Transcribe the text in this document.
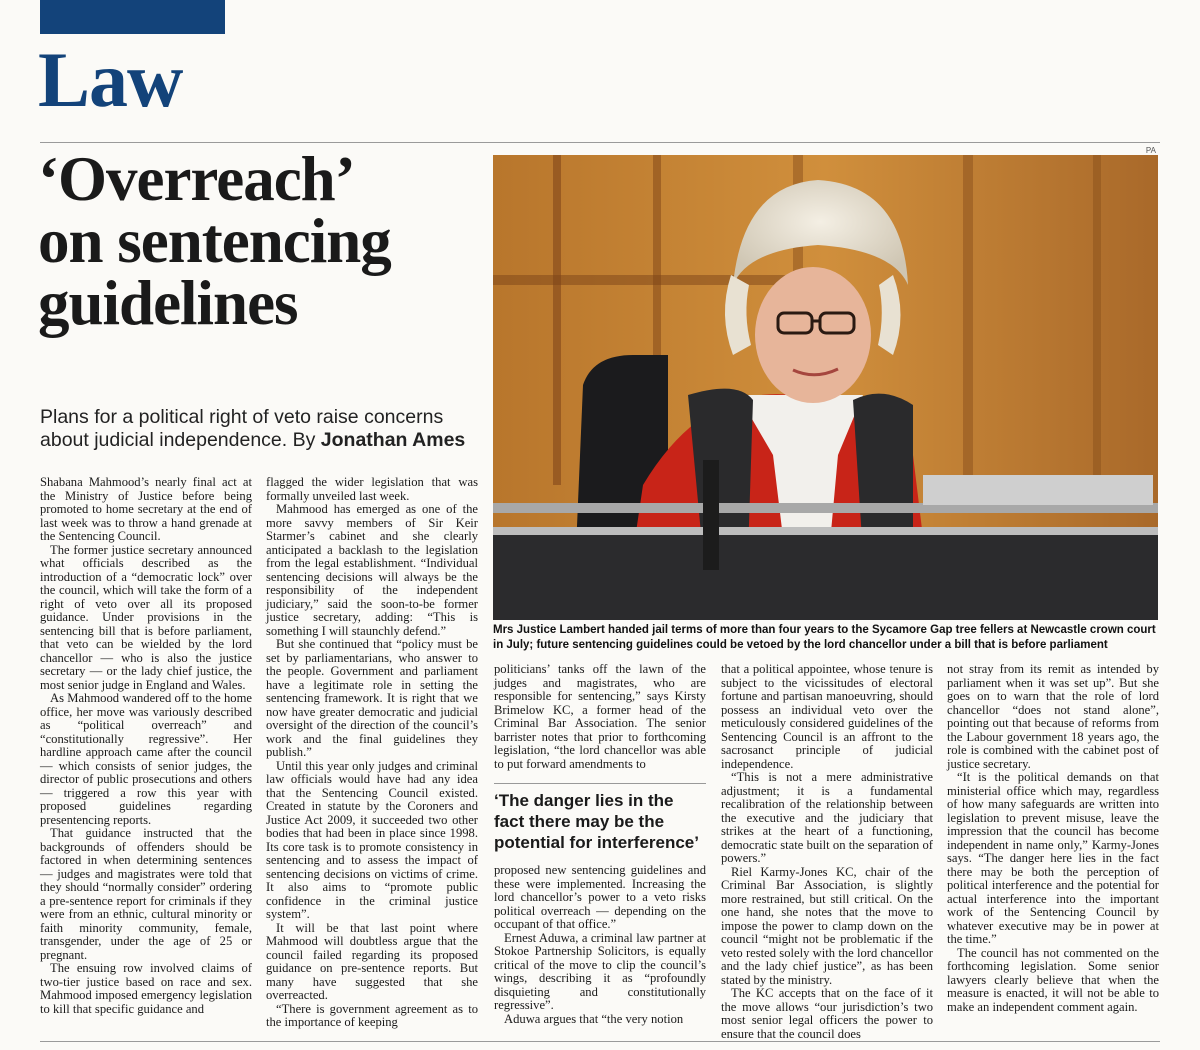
Law
‘Overreach’
on sentencing
guidelines
Plans for a political right of veto raise concerns about judicial independence. By Jonathan Ames
PA
Mrs Justice Lambert handed jail terms of more than four years to the Sycamore Gap tree fellers at Newcastle crown court in July; future sentencing guidelines could be vetoed by the lord chancellor under a bill that is before parliament

Shabana Mahmood’s nearly final act at the Ministry of Justice before being promoted to home secretary at the end of last week was to throw a hand grenade at the Sentencing Council.

The former justice secretary announced what officials described as the introduction of a “democratic lock” over the council, which will take the form of a right of veto over all its proposed guidance. Under provisions in the sentencing bill that is before parliament, that veto can be wielded by the lord chancellor — who is also the justice secretary — or the lady chief justice, the most senior judge in England and Wales.

As Mahmood wandered off to the home office, her move was variously described as “political overreach” and “constitutionally regressive”. Her hardline approach came after the council — which consists of senior judges, the director of public prosecutions and others — triggered a row this year with proposed guidelines regarding presentencing reports.

That guidance instructed that the backgrounds of offenders should be factored in when determining sentences — judges and magistrates were told that they should “normally consider” ordering a pre-sentence report for criminals if they were from an ethnic, cultural minority or faith minority community, female, transgender, under the age of 25 or pregnant.

The ensuing row involved claims of two-tier justice based on race and sex. Mahmood imposed emergency legislation to kill that specific guidance and

flagged the wider legislation that was formally unveiled last week.

Mahmood has emerged as one of the more savvy members of Sir Keir Starmer’s cabinet and she clearly anticipated a backlash to the legislation from the legal establishment. “Individual sentencing decisions will always be the responsibility of the independent judiciary,” said the soon-to-be former justice secretary, adding: “This is something I will staunchly defend.”

But she continued that “policy must be set by parliamentarians, who answer to the people. Government and parliament have a legitimate role in setting the sentencing framework. It is right that we now have greater democratic and judicial oversight of the direction of the council’s work and the final guidelines they publish.”

Until this year only judges and criminal law officials would have had any idea that the Sentencing Council existed. Created in statute by the Coroners and Justice Act 2009, it succeeded two other bodies that had been in place since 1998. Its core task is to promote consistency in sentencing and to assess the impact of sentencing decisions on victims of crime. It also aims to “promote public confidence in the criminal justice system”.

It will be that last point where Mahmood will doubtless argue that the council failed regarding its proposed guidance on pre-sentence reports. But many have suggested that she overreacted.

“There is government agreement as to the importance of keeping

politicians’ tanks off the lawn of the judges and magistrates, who are responsible for sentencing,” says Kirsty Brimelow KC, a former head of the Criminal Bar Association. The senior barrister notes that prior to forthcoming legislation, “the lord chancellor was able to put forward amendments to

‘The danger lies in the fact there may be the potential for interference’

proposed new sentencing guidelines and these were implemented. Increasing the lord chancellor’s power to a veto risks political overreach — depending on the occupant of that office.”

Ernest Aduwa, a criminal law partner at Stokoe Partnership Solicitors, is equally critical of the move to clip the council’s wings, describing it as “profoundly disquieting and constitutionally regressive”.

Aduwa argues that “the very notion

that a political appointee, whose tenure is subject to the vicissitudes of electoral fortune and partisan manoeuvring, should possess an individual veto over the meticulously considered guidelines of the Sentencing Council is an affront to the sacrosanct principle of judicial independence.

“This is not a mere administrative adjustment; it is a fundamental recalibration of the relationship between the executive and the judiciary that strikes at the heart of a functioning, democratic state built on the separation of powers.”

Riel Karmy-Jones KC, chair of the Criminal Bar Association, is slightly more restrained, but still critical. On the one hand, she notes that the move to impose the power to clamp down on the council “might not be problematic if the veto rested solely with the lord chancellor and the lady chief justice”, as has been stated by the ministry.

The KC accepts that on the face of it the move allows “our jurisdiction’s two most senior legal officers the power to ensure that the council does

not stray from its remit as intended by parliament when it was set up”. But she goes on to warn that the role of lord chancellor “does not stand alone”, pointing out that because of reforms from the Labour government 18 years ago, the role is combined with the cabinet post of justice secretary.

“It is the political demands on that ministerial office which may, regardless of how many safeguards are written into legislation to prevent misuse, leave the impression that the council has become independent in name only,” Karmy-Jones says. “The danger here lies in the fact there may be both the perception of political interference and the potential for actual interference into the important work of the Sentencing Council by whatever executive may be in power at the time.”

The council has not commented on the forthcoming legislation. Some senior lawyers clearly believe that when the measure is enacted, it will not be able to make an independent comment again.
